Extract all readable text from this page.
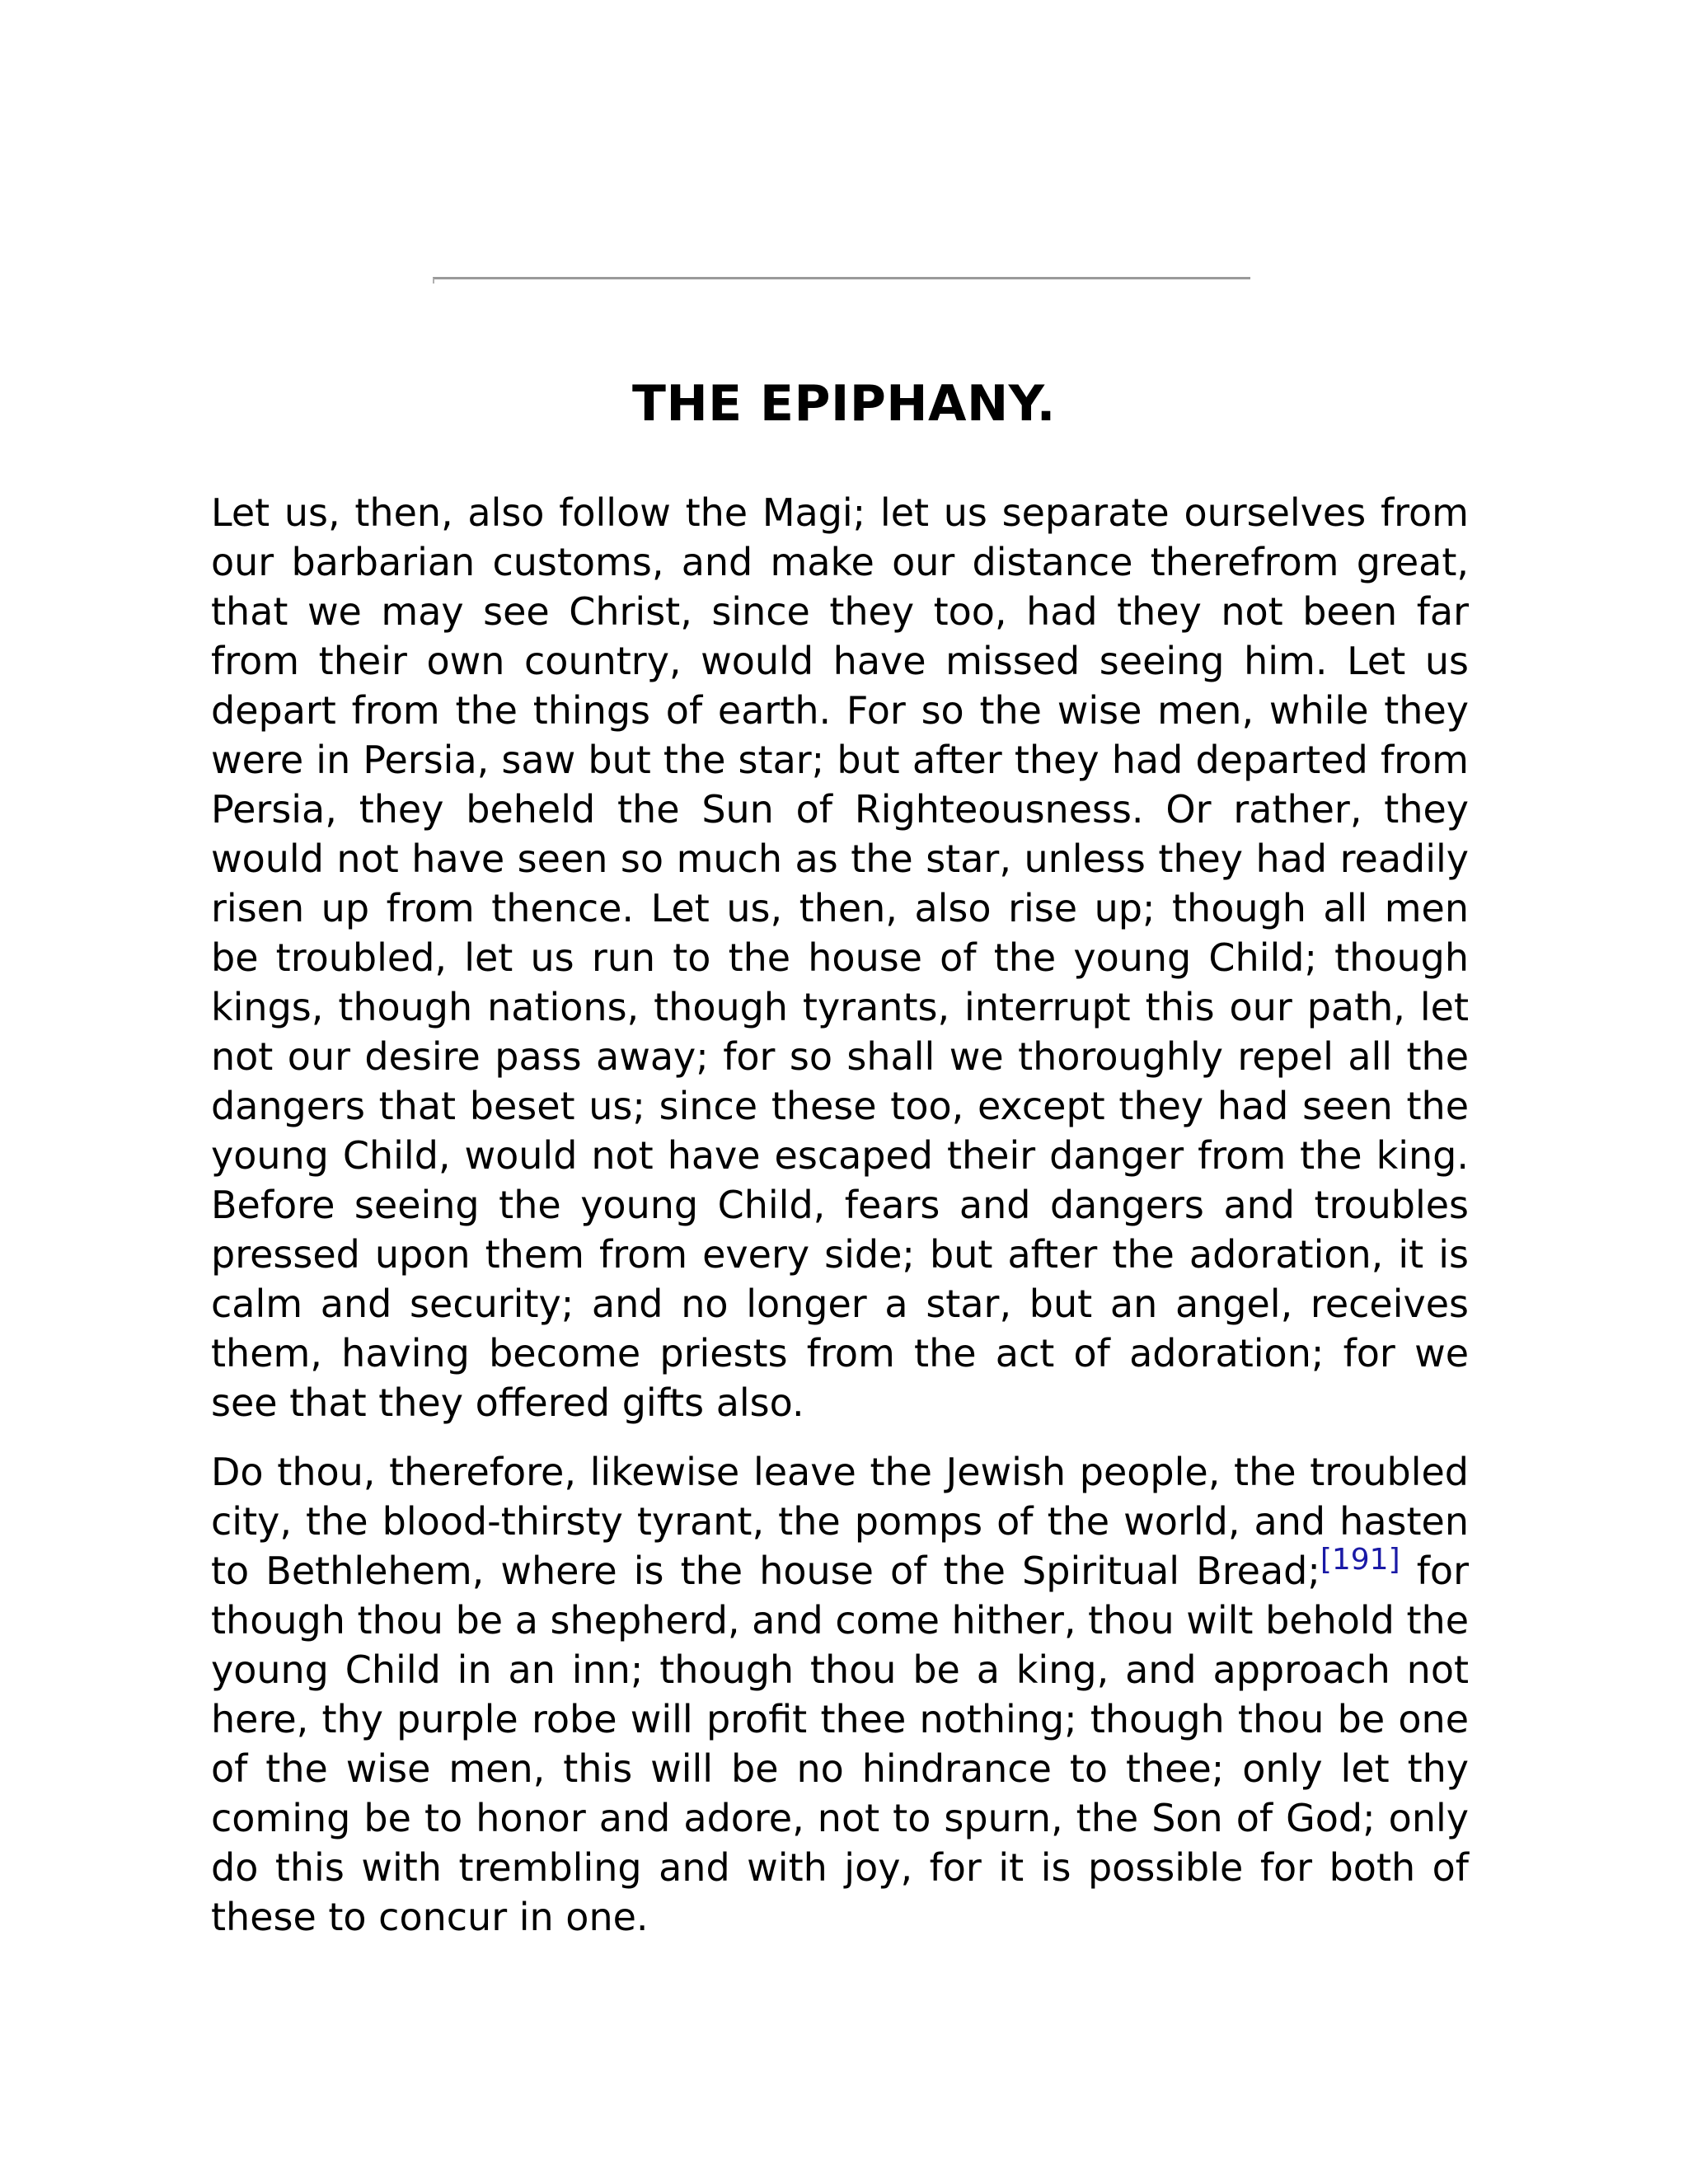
THE EPIPHANY.

Let us, then, also follow the Magi; let us separate ourselves from our barbarian customs, and make our distance therefrom great, that we may see Christ, since they too, had they not been far from their own country, would have missed seeing him. Let us depart from the things of earth. For so the wise men, while they were in Persia, saw but the star; but after they had departed from Persia, they beheld the Sun of Righteousness. Or rather, they would not have seen so much as the star, unless they had readily risen up from thence. Let us, then, also rise up; though all men be troubled, let us run to the house of the young Child; though kings, though nations, though tyrants, interrupt this our path, let not our desire pass away; for so shall we thoroughly repel all the dangers that beset us; since these too, except they had seen the young Child, would not have escaped their danger from the king. Before seeing the young Child, fears and dangers and troubles pressed upon them from every side; but after the adoration, it is calm and security; and no longer a star, but an angel, receives them, having become priests from the act of adoration; for we see that they offered gifts also.

Do thou, therefore, likewise leave the Jewish people, the troubled city, the blood-thirsty tyrant, the pomps of the world, and hasten to Bethlehem, where is the house of the Spiritual Bread;[191] for though thou be a shepherd, and come hither, thou wilt behold the young Child in an inn; though thou be a king, and approach not here, thy purple robe will profit thee nothing; though thou be one of the wise men, this will be no hindrance to thee; only let thy coming be to honor and adore, not to spurn, the Son of God; only do this with trembling and with joy, for it is possible for both of these to concur in one.
